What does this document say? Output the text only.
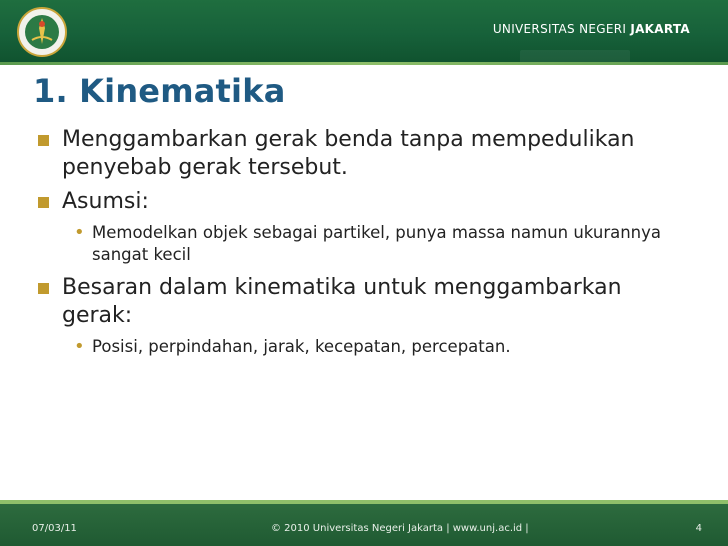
UNIVERSITAS NEGERI JAKARTA
1. Kinematika
Menggambarkan gerak benda tanpa mempedulikan penyebab gerak tersebut.
Asumsi:
• Memodelkan objek sebagai partikel, punya massa namun ukurannya sangat kecil
Besaran dalam kinematika untuk menggambarkan gerak:
• Posisi, perpindahan, jarak, kecepatan, percepatan.
07/03/11	© 2010 Universitas Negeri Jakarta | www.unj.ac.id |	4
